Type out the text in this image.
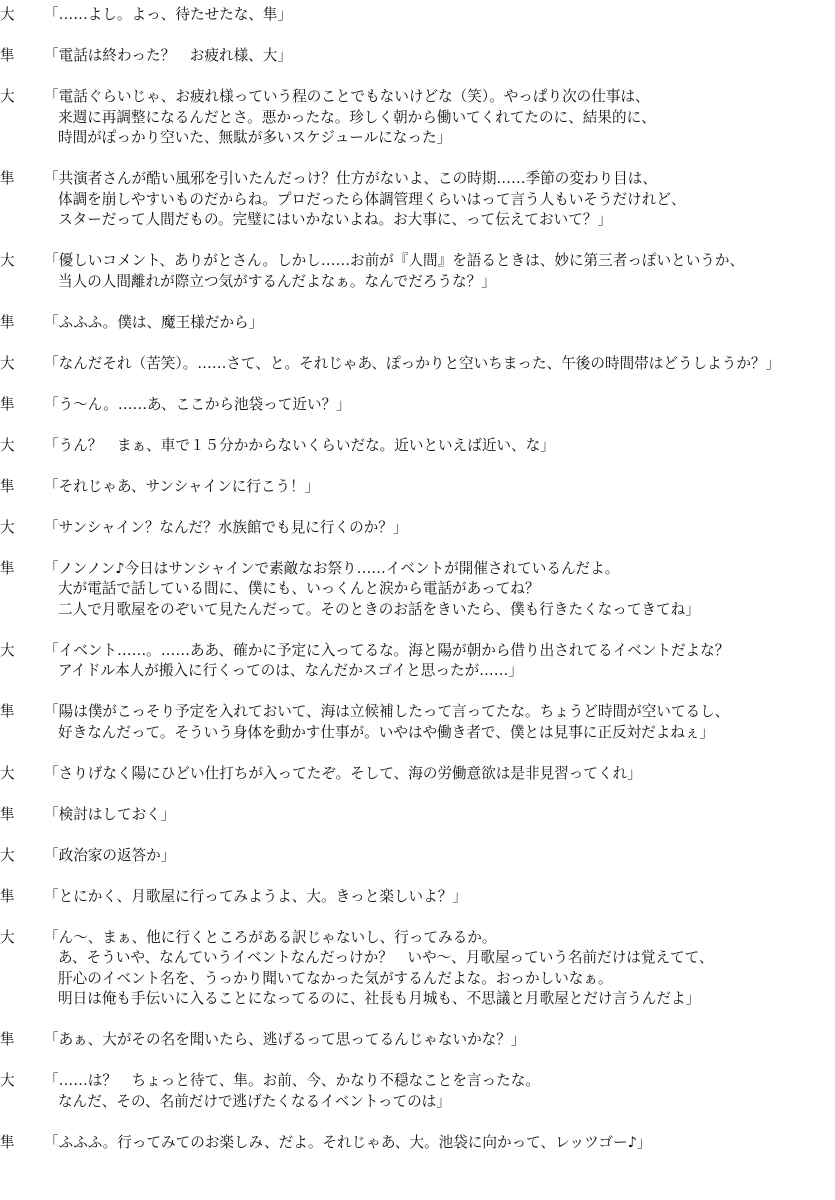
大	「……よし。よっ、待たせたな、隼」
隼	「電話は終わった？　お疲れ様、大」
大	「電話ぐらいじゃ、お疲れ様っていう程のことでもないけどな（笑）。やっぱり次の仕事は、
来週に再調整になるんだとさ。悪かったな。珍しく朝から働いてくれてたのに、結果的に、
時間がぽっかり空いた、無駄が多いスケジュールになった」
隼	「共演者さんが酷い風邪を引いたんだっけ？仕方がないよ、この時期……季節の変わり目は、
体調を崩しやすいものだからね。プロだったら体調管理くらいはって言う人もいそうだけれど、
スターだって人間だもの。完璧にはいかないよね。お大事に、って伝えておいて？」
大	「優しいコメント、ありがとさん。しかし……お前が『人間』を語るときは、妙に第三者っぽいというか、
当人の人間離れが際立つ気がするんだよなぁ。なんでだろうな？」
隼	「ふふふ。僕は、魔王様だから」
大	「なんだそれ（苦笑）。……さて、と。それじゃあ、ぽっかりと空いちまった、午後の時間帯はどうしようか？」
隼	「う～ん。……あ、ここから池袋って近い？」
大	「うん？　まぁ、車で１５分かからないくらいだな。近いといえば近い、な」
隼	「それじゃあ、サンシャインに行こう！」
大	「サンシャイン？なんだ？水族館でも見に行くのか？」
隼	「ノンノン♪今日はサンシャインで素敵なお祭り……イベントが開催されているんだよ。
大が電話で話している間に、僕にも、いっくんと涙から電話があってね？
二人で月歌屋をのぞいて見たんだって。そのときのお話をきいたら、僕も行きたくなってきてね」
大	「イベント……。……ああ、確かに予定に入ってるな。海と陽が朝から借り出されてるイベントだよな？
アイドル本人が搬入に行くってのは、なんだかスゴイと思ったが……」
隼	「陽は僕がこっそり予定を入れておいて、海は立候補したって言ってたな。ちょうど時間が空いてるし、
好きなんだって。そういう身体を動かす仕事が。いやはや働き者で、僕とは見事に正反対だよねぇ」
大	「さりげなく陽にひどい仕打ちが入ってたぞ。そして、海の労働意欲は是非見習ってくれ」
隼	「検討はしておく」
大	「政治家の返答か」
隼	「とにかく、月歌屋に行ってみようよ、大。きっと楽しいよ？」
大	「ん～、まぁ、他に行くところがある訳じゃないし、行ってみるか。
あ、そういや、なんていうイベントなんだっけか？　いや～、月歌屋っていう名前だけは覚えてて、
肝心のイベント名を、うっかり聞いてなかった気がするんだよな。おっかしいなぁ。
明日は俺も手伝いに入ることになってるのに、社長も月城も、不思議と月歌屋とだけ言うんだよ」
隼	「あぁ、大がその名を聞いたら、逃げるって思ってるんじゃないかな？」
大	「……は？　ちょっと待て、隼。お前、今、かなり不穏なことを言ったな。
なんだ、その、名前だけで逃げたくなるイベントってのは」
隼	「ふふふ。行ってみてのお楽しみ、だよ。それじゃあ、大。池袋に向かって、レッツゴー♪」
